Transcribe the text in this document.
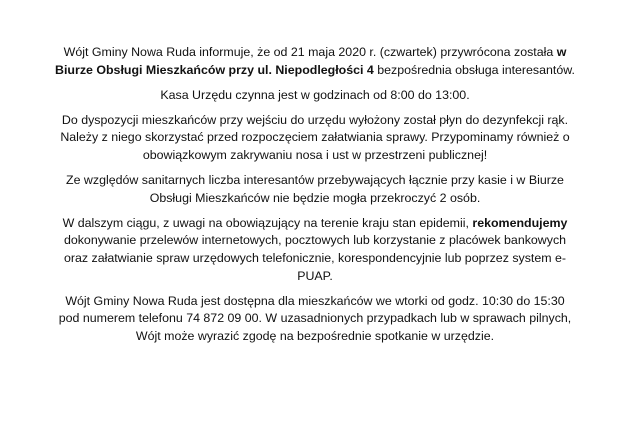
Wójt Gminy Nowa Ruda informuje, że od 21 maja 2020 r. (czwartek) przywrócona została w Biurze Obsługi Mieszkańców przy ul. Niepodległości 4 bezpośrednia obsługa interesantów.

Kasa Urzędu czynna jest w godzinach od 8:00 do 13:00.

Do dyspozycji mieszkańców przy wejściu do urzędu wyłożony został płyn do dezynfekcji rąk. Należy z niego skorzystać przed rozpoczęciem załatwiania sprawy. Przypominamy również o obowiązkowym zakrywaniu nosa i ust w przestrzeni publicznej!

Ze względów sanitarnych liczba interesantów przebywających łącznie przy kasie i w Biurze Obsługi Mieszkańców nie będzie mogła przekroczyć 2 osób.

W dalszym ciągu, z uwagi na obowiązujący na terenie kraju stan epidemii, rekomendujemy dokonywanie przelewów internetowych, pocztowych lub korzystanie z placówek bankowych oraz załatwianie spraw urzędowych telefonicznie, korespondencyjnie lub poprzez system e-PUAP.

Wójt Gminy Nowa Ruda jest dostępna dla mieszkańców we wtorki od godz. 10:30 do 15:30 pod numerem telefonu 74 872 09 00. W uzasadnionych przypadkach lub w sprawach pilnych, Wójt może wyrazić zgodę na bezpośrednie spotkanie w urzędzie.
